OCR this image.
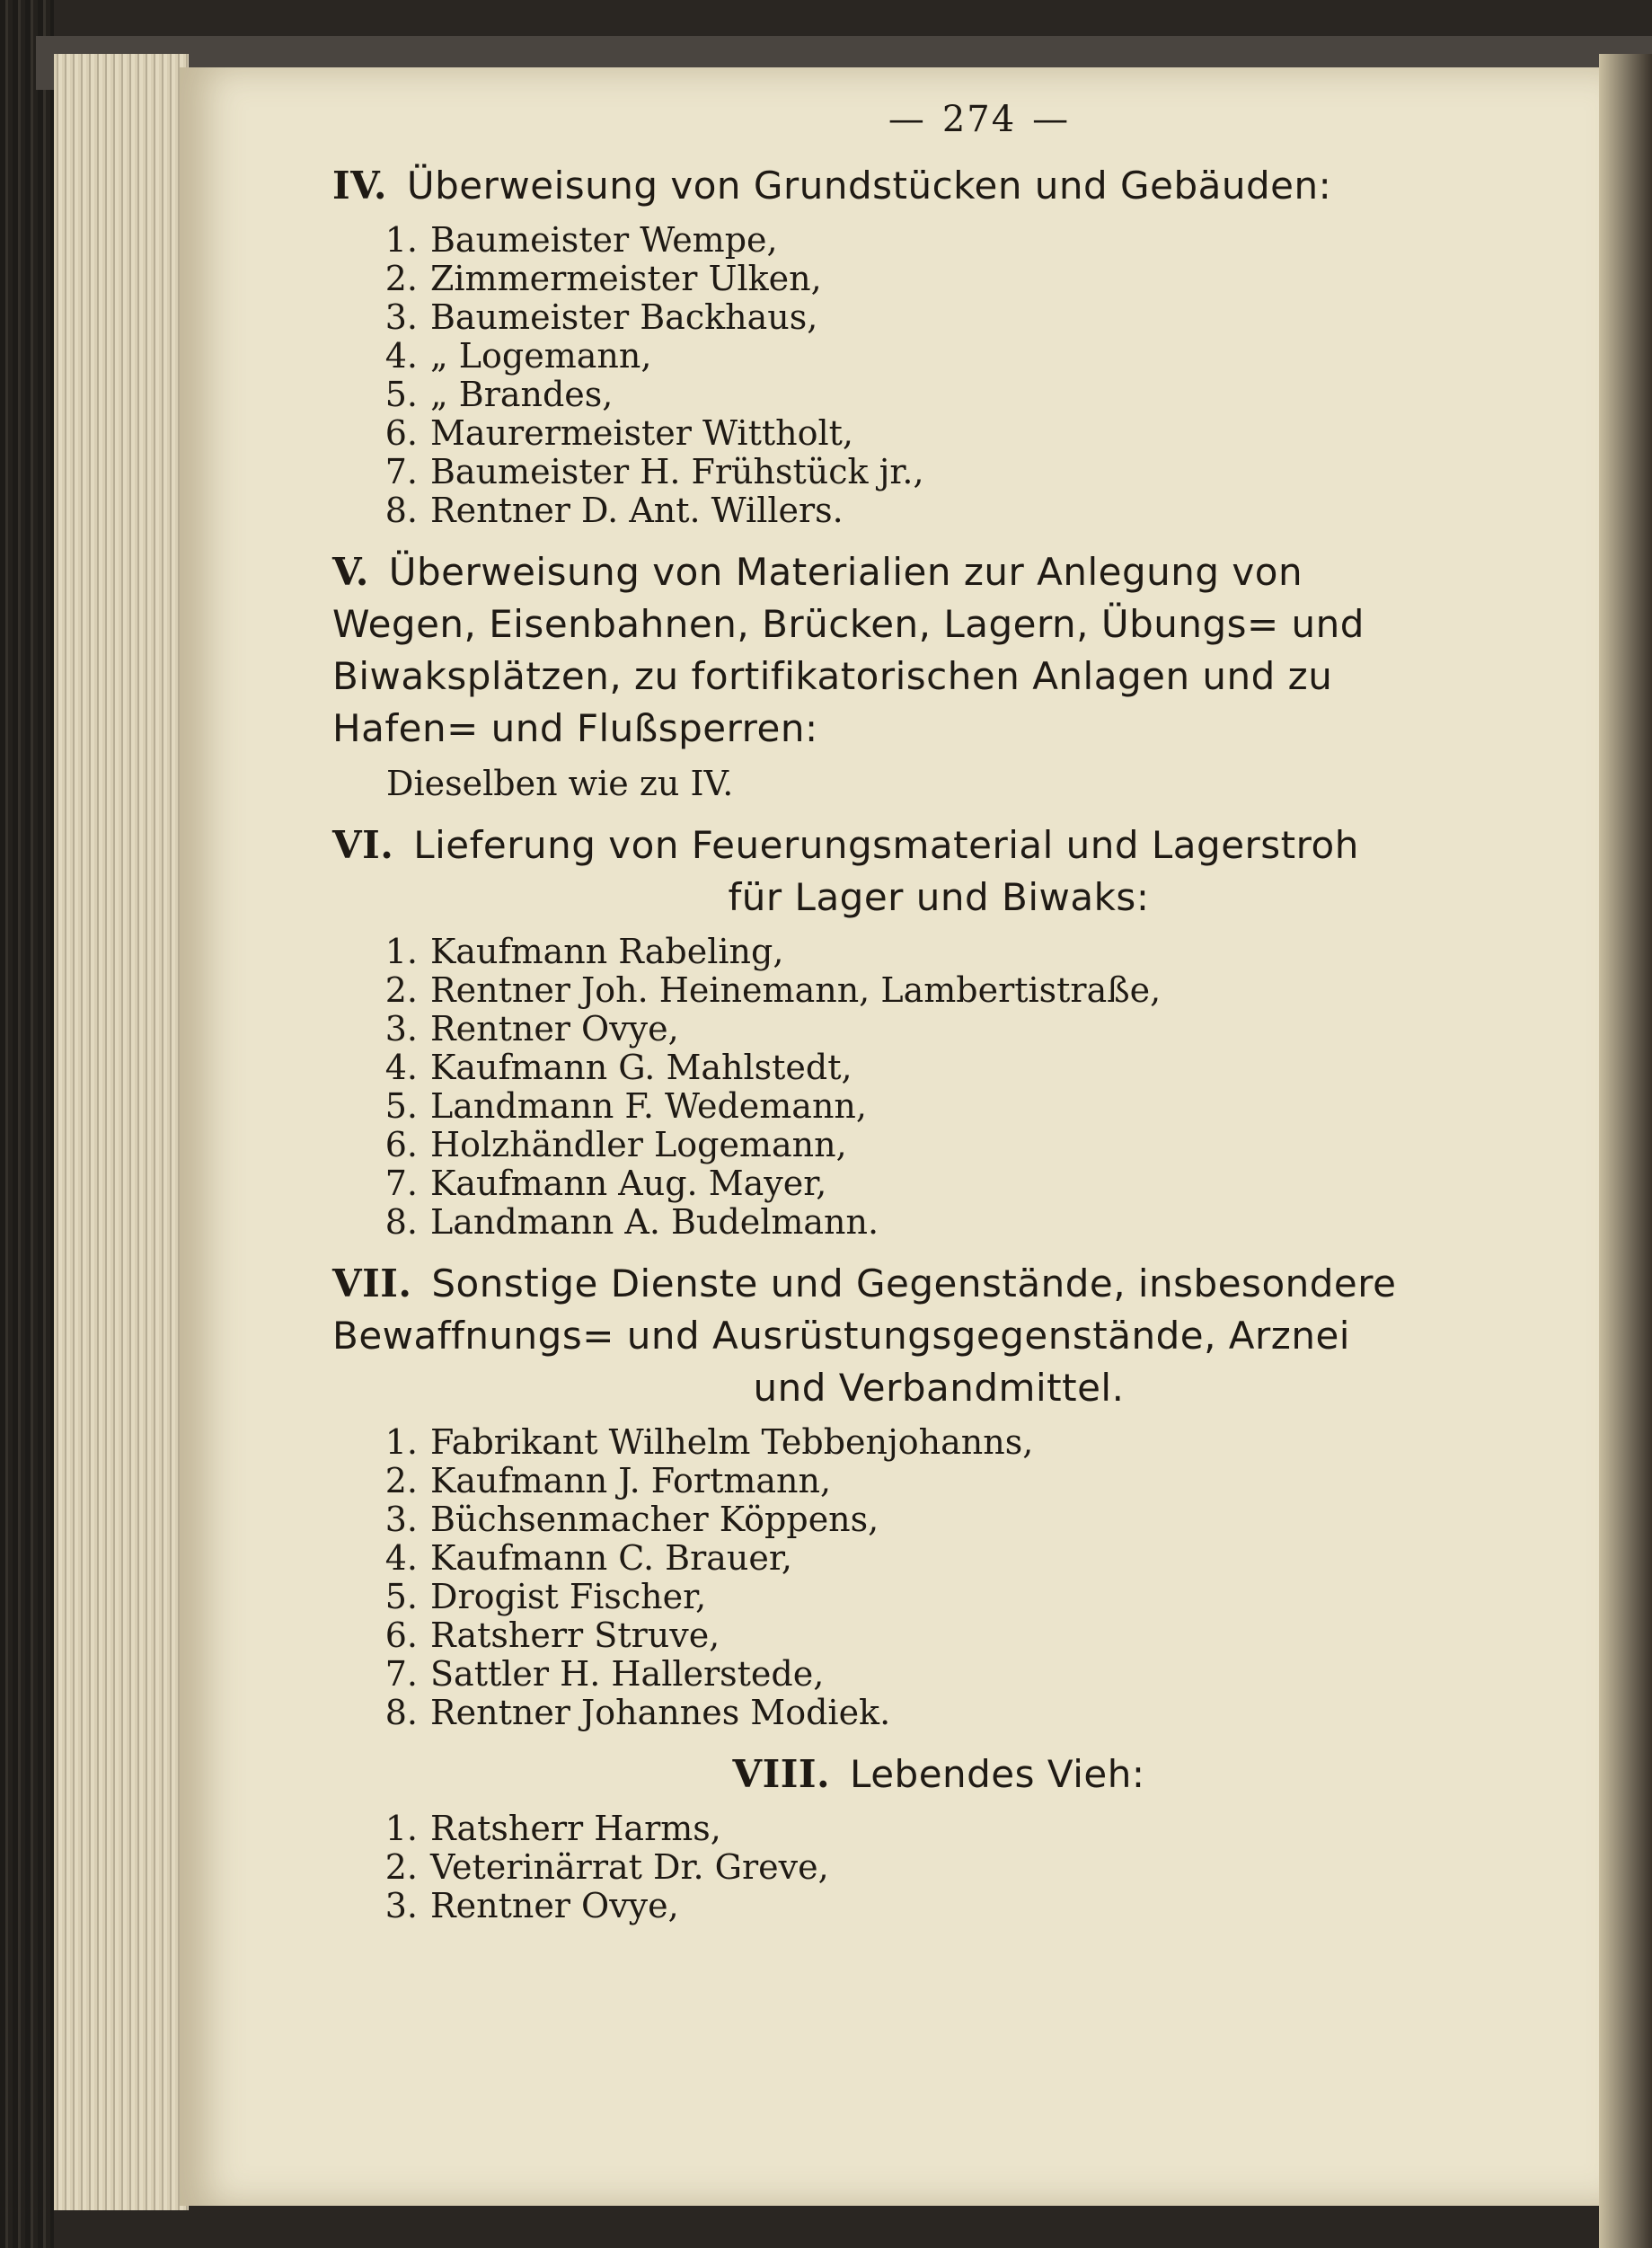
— 274 —
IV. Überweisung von Grundstücken und Gebäuden:
1. Baumeister Wempe,
2. Zimmermeister Ulken,
3. Baumeister Backhaus,
4. „ Logemann,
5. „ Brandes,
6. Maurermeister Wittholt,
7. Baumeister H. Frühstück jr.,
8. Rentner D. Ant. Willers.
V. Überweisung von Materialien zur Anlegung von
Wegen, Eisenbahnen, Brücken, Lagern, Übungs= und
Biwaksplätzen, zu fortifikatorischen Anlagen und zu
Hafen= und Flußsperren:
Dieselben wie zu IV.
VI. Lieferung von Feuerungsmaterial und Lagerstroh
für Lager und Biwaks:
1. Kaufmann Rabeling,
2. Rentner Joh. Heinemann, Lambertistraße,
3. Rentner Ovye,
4. Kaufmann G. Mahlstedt,
5. Landmann F. Wedemann,
6. Holzhändler Logemann,
7. Kaufmann Aug. Mayer,
8. Landmann A. Budelmann.
VII. Sonstige Dienste und Gegenstände, insbesondere
Bewaffnungs= und Ausrüstungsgegenstände, Arznei
und Verbandmittel.
1. Fabrikant Wilhelm Tebbenjohanns,
2. Kaufmann J. Fortmann,
3. Büchsenmacher Köppens,
4. Kaufmann C. Brauer,
5. Drogist Fischer,
6. Ratsherr Struve,
7. Sattler H. Hallerstede,
8. Rentner Johannes Modiek.
VIII. Lebendes Vieh:
1. Ratsherr Harms,
2. Veterinärrat Dr. Greve,
3. Rentner Ovye,
